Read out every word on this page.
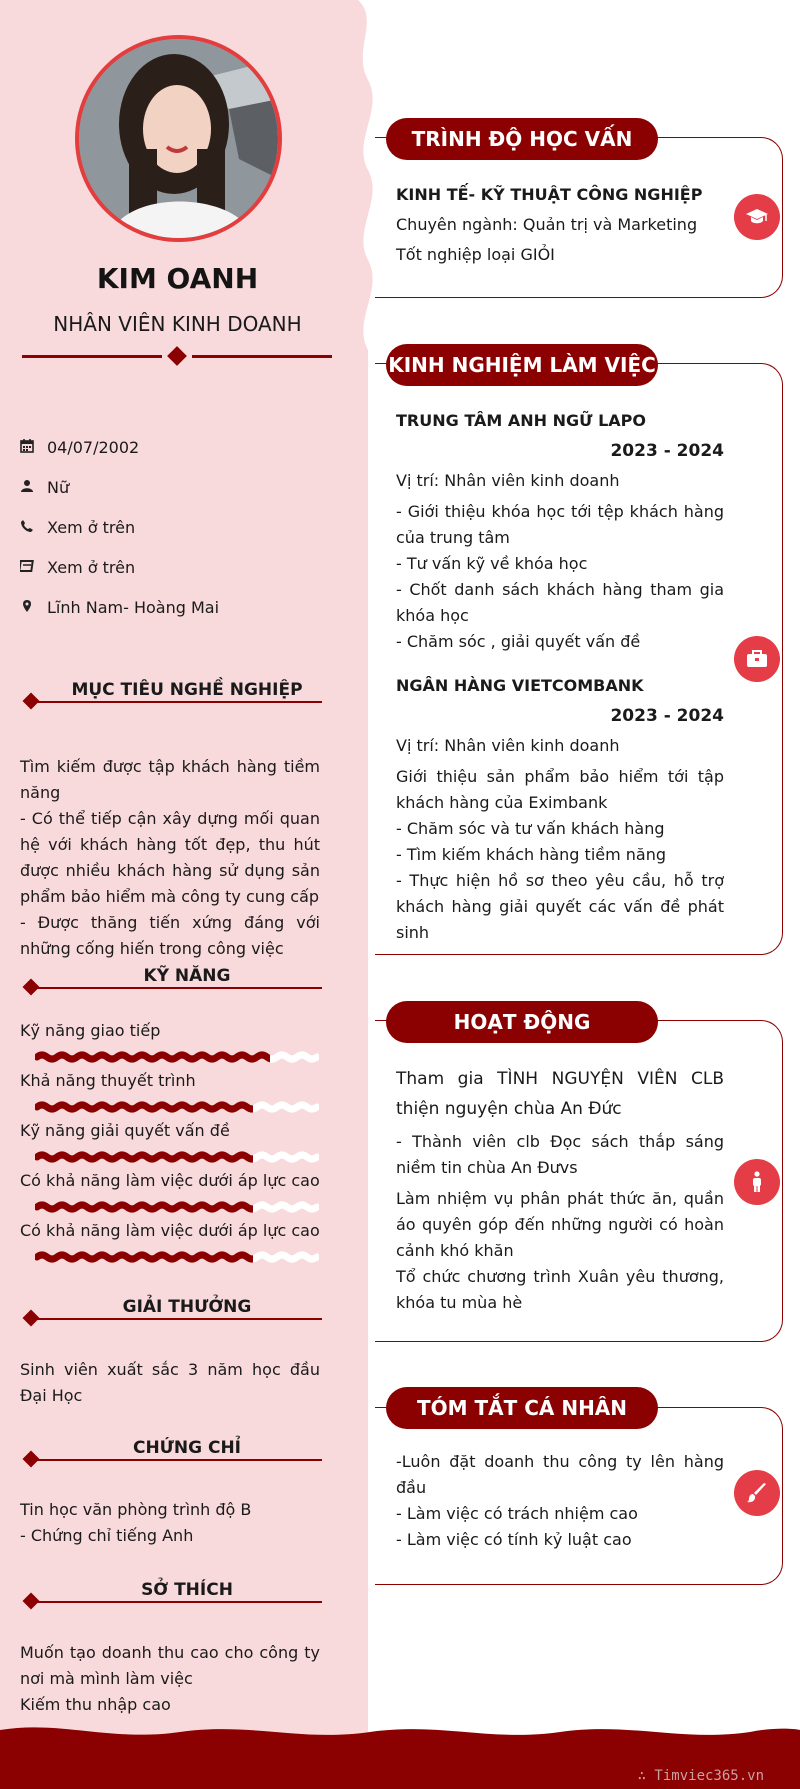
KIM OANH
NHÂN VIÊN KINH DOANH
04/07/2002
Nữ
Xem ở trên
Xem ở trên
Lĩnh Nam- Hoàng Mai
MỤC TIÊU NGHỀ NGHIỆP
Tìm kiếm được tập khách hàng tiềm năng
- Có thể tiếp cận xây dựng mối quan hệ với khách hàng tốt đẹp, thu hút được nhiều khách hàng sử dụng sản phẩm bảo hiểm mà công ty cung cấp
- Được thăng tiến xứng đáng với những cống hiến trong công việc
KỸ NĂNG
Kỹ năng giao tiếp
Khả năng thuyết trình
Kỹ năng giải quyết vấn đề
Có khả năng làm việc dưới áp lực cao
Có khả năng làm việc dưới áp lực cao
GIẢI THƯỞNG
Sinh viên xuất sắc 3 năm học đầu Đại Học
CHỨNG CHỈ
Tin học văn phòng trình độ B
- Chứng chỉ tiếng Anh
SỞ THÍCH
Muốn tạo doanh thu cao cho công ty nơi mà mình làm việc
Kiếm thu nhập cao
TRÌNH ĐỘ HỌC VẤN
KINH TẾ- KỸ THUẬT CÔNG NGHIỆP
Chuyên ngành: Quản trị và Marketing
Tốt nghiệp loại GIỎI
KINH NGHIỆM LÀM VIỆC
TRUNG TÂM ANH NGỮ LAPO
2023 - 2024
Vị trí: Nhân viên kinh doanh
- Giới thiệu khóa học tới tệp khách hàng của trung tâm
- Tư vấn kỹ về khóa học
- Chốt danh sách khách hàng tham gia khóa học
- Chăm sóc , giải quyết vấn đề
NGÂN HÀNG VIETCOMBANK
2023 - 2024
Vị trí: Nhân viên kinh doanh
Giới thiệu sản phẩm bảo hiểm tới tập khách hàng của Eximbank
- Chăm sóc và tư vấn khách hàng
- Tìm kiếm khách hàng tiềm năng
- Thực hiện hồ sơ theo yêu cầu, hỗ trợ khách hàng giải quyết các vấn đề phát sinh
HOẠT ĐỘNG
Tham gia TÌNH NGUYỆN VIÊN CLB thiện nguyện chùa An Đức
- Thành viên clb Đọc sách thắp sáng niềm tin chùa An Đưvs
Làm nhiệm vụ phân phát thức ăn, quần áo quyên góp đến những người có hoàn cảnh khó khăn
Tổ chức chương trình Xuân yêu thương, khóa tu mùa hè
TÓM TẮT CÁ NHÂN
-Luôn đặt doanh thu công ty lên hàng đầu
- Làm việc có trách nhiệm cao
- Làm việc có tính kỷ luật cao
∴ Timviec365.vn
